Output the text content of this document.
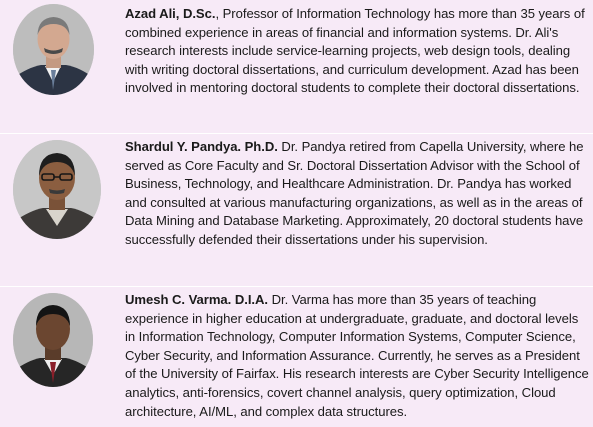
Azad Ali, D.Sc., Professor of Information Technology has more than 35 years of combined experience in areas of financial and information systems. Dr. Ali's research interests include service-learning projects, web design tools, dealing with writing doctoral dissertations, and curriculum development. Azad has been involved in mentoring doctoral students to complete their doctoral dissertations.

Shardul Y. Pandya. Ph.D. Dr. Pandya retired from Capella University, where he served as Core Faculty and Sr. Doctoral Dissertation Advisor with the School of Business, Technology, and Healthcare Administration. Dr. Pandya has worked and consulted at various manufacturing organizations, as well as in the areas of Data Mining and Database Marketing. Approximately, 20 doctoral students have successfully defended their dissertations under his supervision.

Umesh C. Varma. D.I.A. Dr. Varma has more than 35 years of teaching experience in higher education at undergraduate, graduate, and doctoral levels in Information Technology, Computer Information Systems, Computer Science, Cyber Security, and Information Assurance. Currently, he serves as a President of the University of Fairfax. His research interests are Cyber Security Intelligence analytics, anti-forensics, covert channel analysis, query optimization, Cloud architecture, AI/ML, and complex data structures.
